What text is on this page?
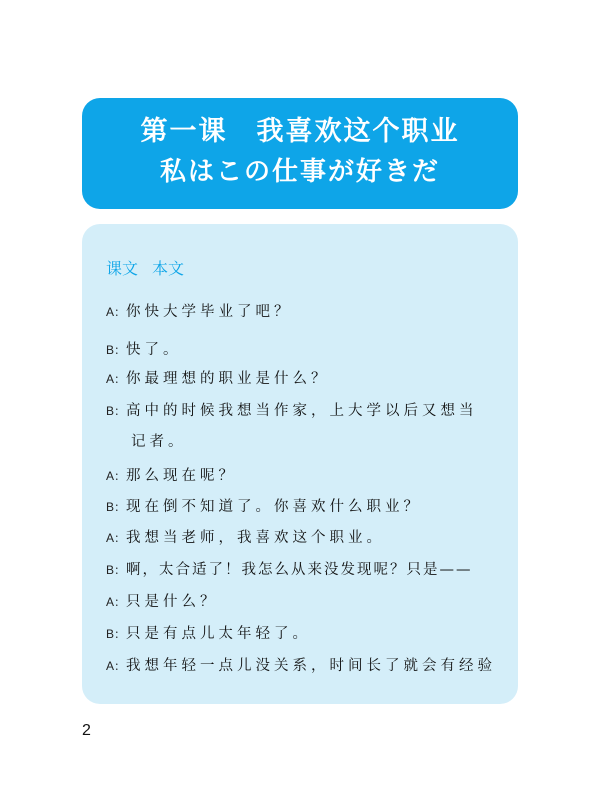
第一课　我喜欢这个职业
私はこの仕事が好きだ
课文 本文
A：你快大学毕业了吧？
B：快了。
A：你最理想的职业是什么？
B：高中的时候我想当作家，上大学以后又想当
记者。
A：那么现在呢？
B：现在倒不知道了。你喜欢什么职业？
A：我想当老师，我喜欢这个职业。
B：啊，太合适了！我怎么从来没发现呢？只是——
A：只是什么？
B：只是有点儿太年轻了。
A：我想年轻一点儿没关系，时间长了就会有经验
2
